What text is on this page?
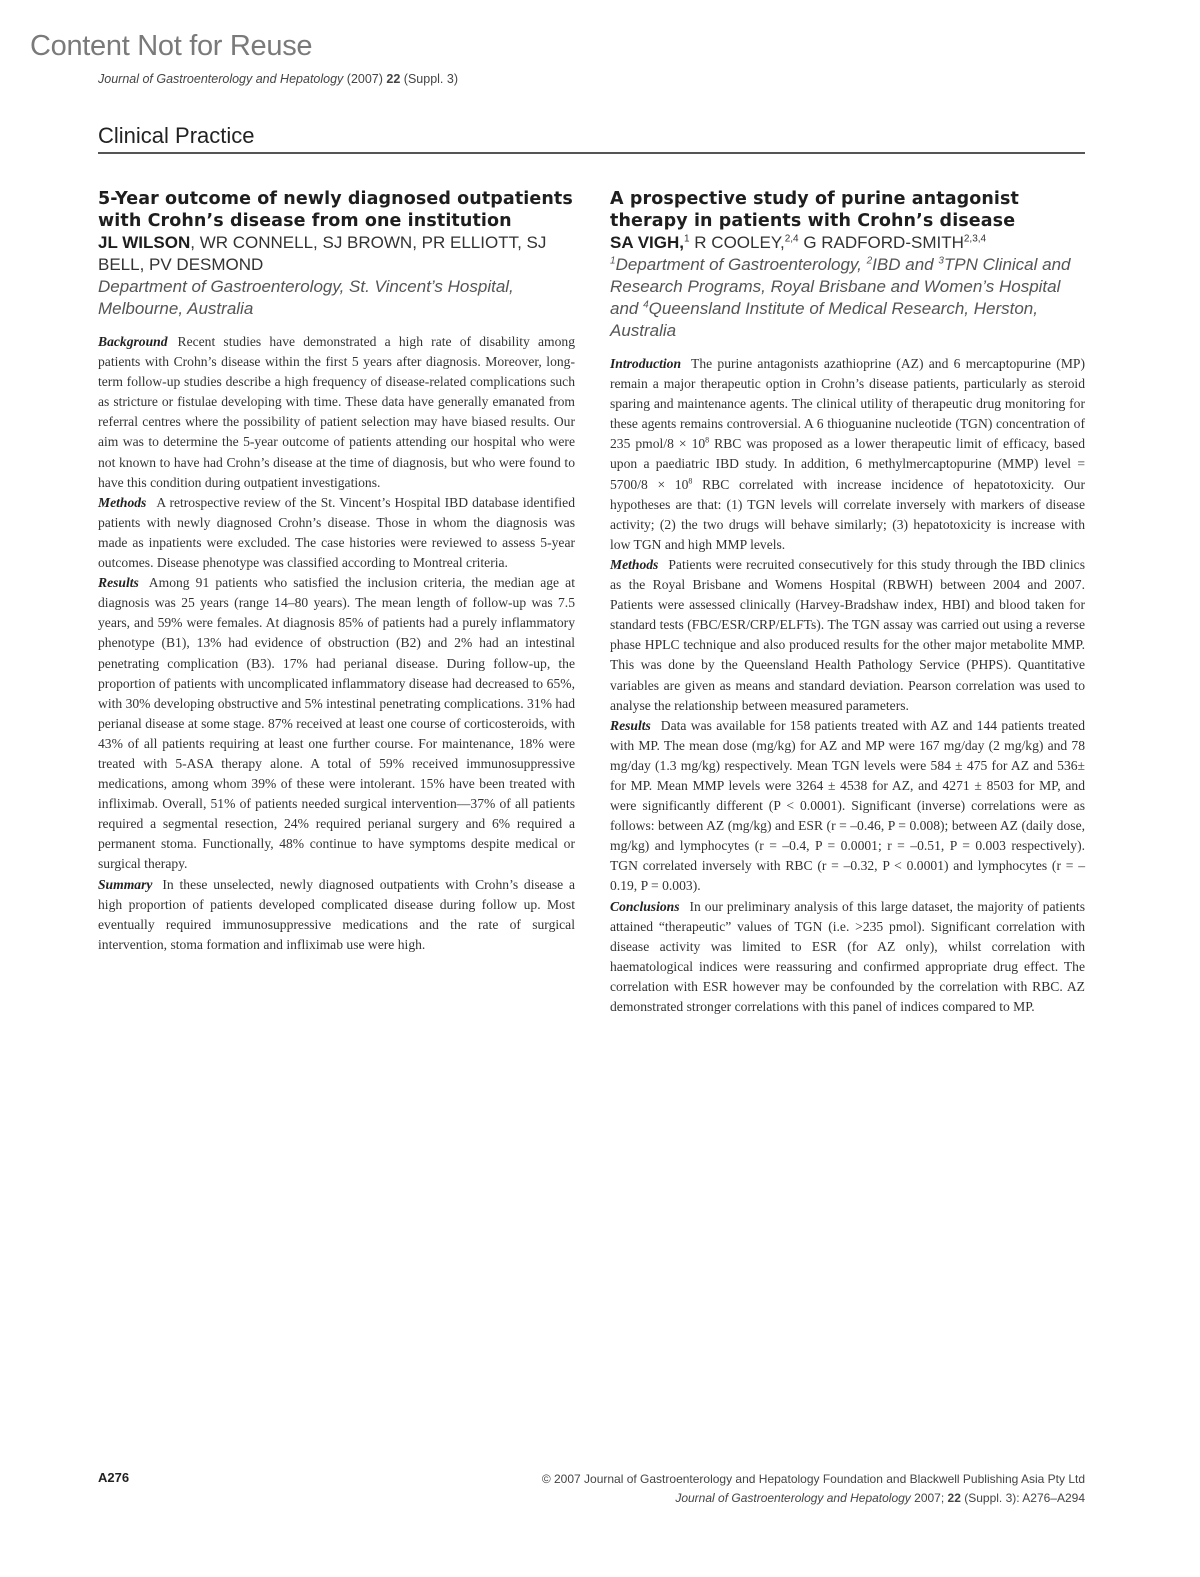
Content Not for Reuse
Journal of Gastroenterology and Hepatology (2007) 22 (Suppl. 3)
Clinical Practice
5-Year outcome of newly diagnosed outpatients with Crohn’s disease from one institution
JL WILSON, WR CONNELL, SJ BROWN, PR ELLIOTT, SJ BELL, PV DESMOND
Department of Gastroenterology, St. Vincent’s Hospital, Melbourne, Australia

Background Recent studies have demonstrated a high rate of disability among patients with Crohn’s disease within the first 5 years after diagnosis. Moreover, long-term follow-up studies describe a high frequency of disease-related complications such as stricture or fistulae developing with time. These data have generally emanated from referral centres where the possibility of patient selection may have biased results. Our aim was to determine the 5-year outcome of patients attending our hospital who were not known to have had Crohn’s disease at the time of diagnosis, but who were found to have this condition during outpatient investigations.

Methods A retrospective review of the St. Vincent’s Hospital IBD database identified patients with newly diagnosed Crohn’s disease. Those in whom the diagnosis was made as inpatients were excluded. The case histories were reviewed to assess 5-year outcomes. Disease phenotype was classified according to Montreal criteria.

Results Among 91 patients who satisfied the inclusion criteria, the median age at diagnosis was 25 years (range 14–80 years). The mean length of follow-up was 7.5 years, and 59% were females. At diagnosis 85% of patients had a purely inflammatory phenotype (B1), 13% had evidence of obstruction (B2) and 2% had an intestinal penetrating complication (B3). 17% had perianal disease. During follow-up, the proportion of patients with uncomplicated inflammatory disease had decreased to 65%, with 30% developing obstructive and 5% intestinal penetrating complications. 31% had perianal disease at some stage. 87% received at least one course of corticosteroids, with 43% of all patients requiring at least one further course. For maintenance, 18% were treated with 5-ASA therapy alone. A total of 59% received immunosuppressive medications, among whom 39% of these were intolerant. 15% have been treated with infliximab. Overall, 51% of patients needed surgical intervention—37% of all patients required a segmental resection, 24% required perianal surgery and 6% required a permanent stoma. Functionally, 48% continue to have symptoms despite medical or surgical therapy.

Summary In these unselected, newly diagnosed outpatients with Crohn’s disease a high proportion of patients developed complicated disease during follow up. Most eventually required immunosuppressive medications and the rate of surgical intervention, stoma formation and infliximab use were high.

A prospective study of purine antagonist therapy in patients with Crohn’s disease
SA VIGH,$^1$ R COOLEY,$^{2,4}$ G RADFORD-SMITH$^{2,3,4}$
$^1$Department of Gastroenterology, $^2$IBD and $^3$TPN Clinical and Research Programs, Royal Brisbane and Women’s Hospital and $^4$Queensland Institute of Medical Research, Herston, Australia

Introduction The purine antagonists azathioprine (AZ) and 6 mercaptopurine (MP) remain a major therapeutic option in Crohn’s disease patients, particularly as steroid sparing and maintenance agents. The clinical utility of therapeutic drug monitoring for these agents remains controversial. A 6 thioguanine nucleotide (TGN) concentration of 235 pmol/8 × $10^8$ RBC was proposed as a lower therapeutic limit of efficacy, based upon a paediatric IBD study. In addition, 6 methylmercaptopurine (MMP) level = $5700/8 \times 10^8$ RBC correlated with increase incidence of hepatotoxicity. Our hypotheses are that: (1) TGN levels will correlate inversely with markers of disease activity; (2) the two drugs will behave similarly; (3) hepatotoxicity is increase with low TGN and high MMP levels.

Methods Patients were recruited consecutively for this study through the IBD clinics as the Royal Brisbane and Womens Hospital (RBWH) between 2004 and 2007. Patients were assessed clinically (Harvey-Bradshaw index, HBI) and blood taken for standard tests (FBC/ESR/CRP/ELFTs). The TGN assay was carried out using a reverse phase HPLC technique and also produced results for the other major metabolite MMP. This was done by the Queensland Health Pathology Service (PHPS). Quantitative variables are given as means and standard deviation. Pearson correlation was used to analyse the relationship between measured parameters.

Results Data was available for 158 patients treated with AZ and 144 patients treated with MP. The mean dose (mg/kg) for AZ and MP were 167 mg/day (2 mg/kg) and 78 mg/day (1.3 mg/kg) respectively. Mean TGN levels were 584 ± 475 for AZ and 536± for MP. Mean MMP levels were 3264 ± 4538 for AZ, and 4271 ± 8503 for MP, and were significantly different (P < 0.0001). Significant (inverse) correlations were as follows: between AZ (mg/kg) and ESR (r = –0.46, P = 0.008); between AZ (daily dose, mg/kg) and lymphocytes (r = –0.4, P = 0.0001; r = –0.51, P = 0.003 respectively). TGN correlated inversely with RBC (r = –0.32, P < 0.0001) and lymphocytes (r = –0.19, P = 0.003).

Conclusions In our preliminary analysis of this large dataset, the majority of patients attained “therapeutic” values of TGN (i.e. >235 pmol). Significant correlation with disease activity was limited to ESR (for AZ only), whilst correlation with haematological indices were reassuring and confirmed appropriate drug effect. The correlation with ESR however may be confounded by the correlation with RBC. AZ demonstrated stronger correlations with this panel of indices compared to MP.

A276	© 2007 Journal of Gastroenterology and Hepatology Foundation and Blackwell Publishing Asia Pty Ltd
Journal of Gastroenterology and Hepatology 2007; 22 (Suppl. 3): A276–A294
